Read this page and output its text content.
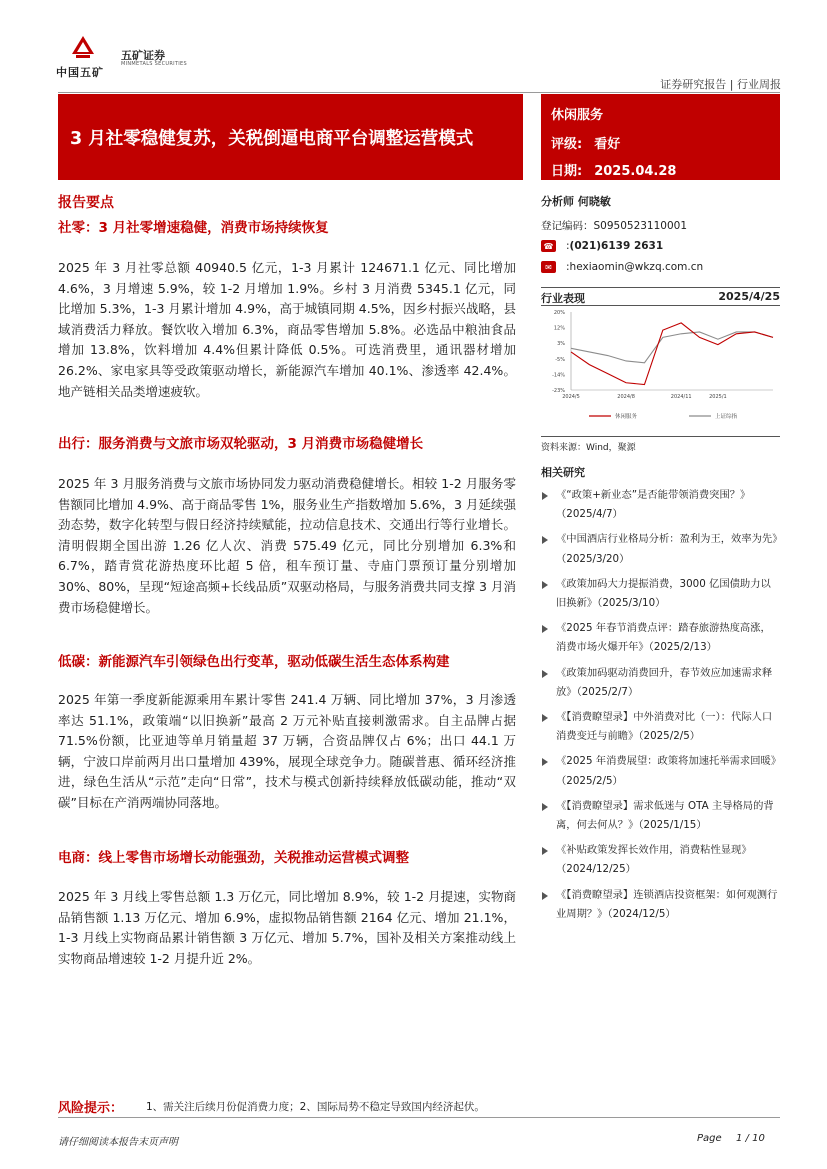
中国五矿
五矿证券
MINMETALS SECURITIES
证券研究报告 | 行业周报
3 月社零稳健复苏，关税倒逼电商平台调整运营模式
休闲服务
评级: 看好
日期: 2025.04.28
报告要点
社零：3 月社零增速稳健，消费市场持续恢复
2025 年 3 月社零总额 40940.5 亿元，1-3 月累计 124671.1 亿元、同比增加 4.6%，3 月增速 5.9%，较 1-2 月增加 1.9%。乡村 3 月消费 5345.1 亿元，同比增加 5.3%，1-3 月累计增加 4.9%，高于城镇同期 4.5%，因乡村振兴战略，县域消费活力释放。餐饮收入增加 6.3%，商品零售增加 5.8%。必选品中粮油食品增加 13.8%，饮料增加 4.4%但累计降低 0.5%。可选消费里，通讯器材增加 26.2%、家电家具等受政策驱动增长，新能源汽车增加 40.1%、渗透率 42.4%。地产链相关品类增速疲软。
出行：服务消费与文旅市场双轮驱动，3 月消费市场稳健增长
2025 年 3 月服务消费与文旅市场协同发力驱动消费稳健增长。相较 1-2 月服务零售额同比增加 4.9%、高于商品零售 1%，服务业生产指数增加 5.6%，3 月延续强劲态势，数字化转型与假日经济持续赋能，拉动信息技术、交通出行等行业增长。清明假期全国出游 1.26 亿人次、消费 575.49 亿元，同比分别增加 6.3%和 6.7%，踏青赏花游热度环比超 5 倍，租车预订量、寺庙门票预订量分别增加 30%、80%，呈现“短途高频+长线品质”双驱动格局，与服务消费共同支撑 3 月消费市场稳健增长。
低碳：新能源汽车引领绿色出行变革，驱动低碳生活生态体系构建
2025 年第一季度新能源乘用车累计零售 241.4 万辆、同比增加 37%，3 月渗透率达 51.1%，政策端“以旧换新”最高 2 万元补贴直接刺激需求。自主品牌占据 71.5%份额，比亚迪等单月销量超 37 万辆，合资品牌仅占 6%；出口 44.1 万辆，宁波口岸前两月出口量增加 439%，展现全球竞争力。随碳普惠、循环经济推进，绿色生活从“示范”走向“日常”，技术与模式创新持续释放低碳动能，推动“双碳”目标在产消两端协同落地。
电商：线上零售市场增长动能强劲，关税推动运营模式调整
2025 年 3 月线上零售总额 1.3 万亿元，同比增加 8.9%，较 1-2 月提速，实物商品销售额 1.13 万亿元、增加 6.9%，虚拟物品销售额 2164 亿元、增加 21.1%，1-3 月线上实物商品累计销售额 3 万亿元、增加 5.7%，国补及相关方案推动线上实物商品增速较 1-2 月提升近 2%。
风险提示： 1、需关注后续月份促消费力度；2、国际局势不稳定导致国内经济起伏。
分析师 何晓敏
登记编码：S0950523110001
☎ : (021)6139 2631
✉	: hexiaomin@wkzq.com.cn
行业表现	2025/4/25
20%
12%
3%
-5%
-14%
-23%
2024/5	2024/8	2024/11	2025/1
休闲服务	上证综指
资料来源：Wind，聚源
相关研究
《“政策+新业态”是否能带领消费突围？》（2025/4/7）
《中国酒店行业格局分析：盈利为王，效率为先》（2025/3/20）
《政策加码大力提振消费，3000 亿国债助力以旧换新》（2025/3/10）
《2025 年春节消费点评：踏春旅游热度高涨，消费市场火爆开年》（2025/2/13）
《政策加码驱动消费回升，春节效应加速需求释放》（2025/2/7）
《【消费瞭望录】中外消费对比（一）：代际人口消费变迁与前瞻》（2025/2/5）
《2025 年消费展望：政策将加速托举需求回暖》（2025/2/5）
《【消费瞭望录】需求低迷与 OTA 主导格局的背离，何去何从？》（2025/1/15）
《补贴政策发挥长效作用，消费粘性显现》（2024/12/25）
《【消费瞭望录】连锁酒店投资框架：如何观测行业周期？》（2024/12/5）
请仔细阅读本报告末页声明	Page 1 / 10
